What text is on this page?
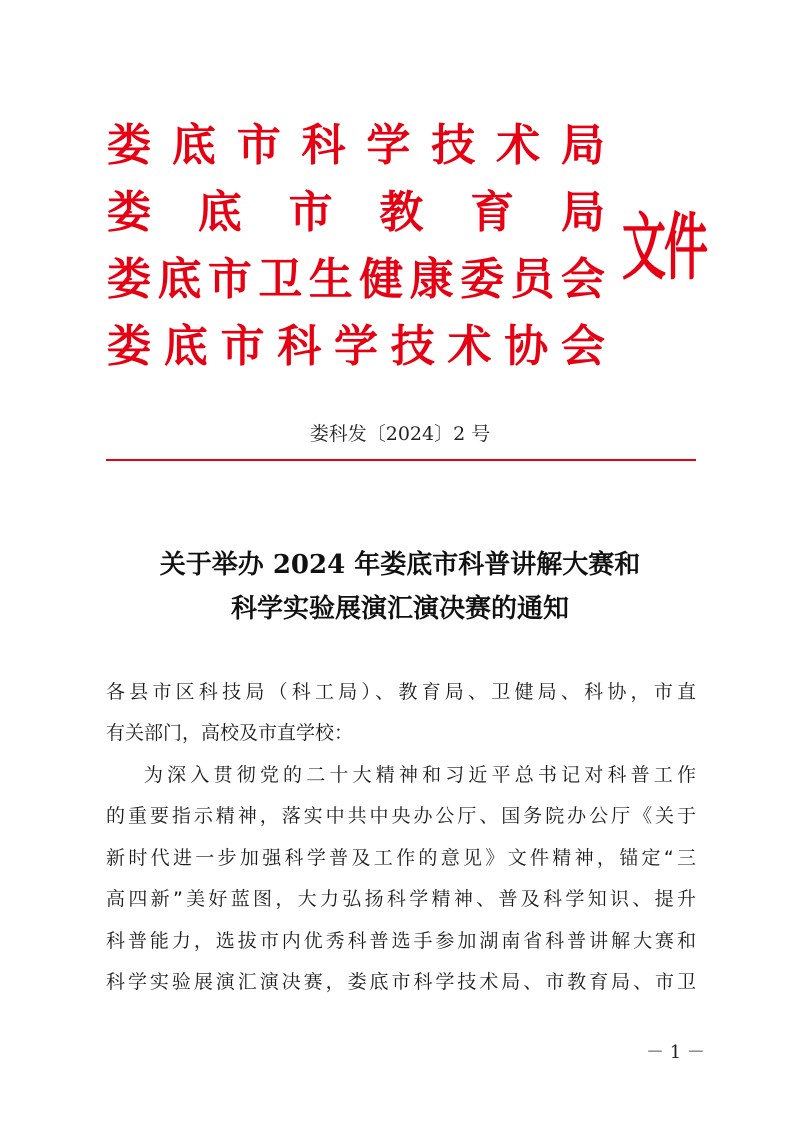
娄 底 市 科 学 技 术 局
娄 底 市 教 育 局
娄 底 市 卫 生 健 康 委 员 会
娄 底 市 科 学 技 术 协 会
文件
娄科发〔2024〕2 号
关于举办 2024 年娄底市科普讲解大赛和
科学实验展演汇演决赛的通知
各县市区科技局（科工局）、教育局、卫健局、科协，市直
有关部门，高校及市直学校：
为深入贯彻党的二十大精神和习近平总书记对科普工作
的重要指示精神，落实中共中央办公厅、国务院办公厅《关于
新时代进一步加强科学普及工作的意见》文件精神，锚定“三
高四新”美好蓝图，大力弘扬科学精神、普及科学知识、提升
科普能力，选拔市内优秀科普选手参加湖南省科普讲解大赛和
科学实验展演汇演决赛，娄底市科学技术局、市教育局、市卫
－ 1 －
